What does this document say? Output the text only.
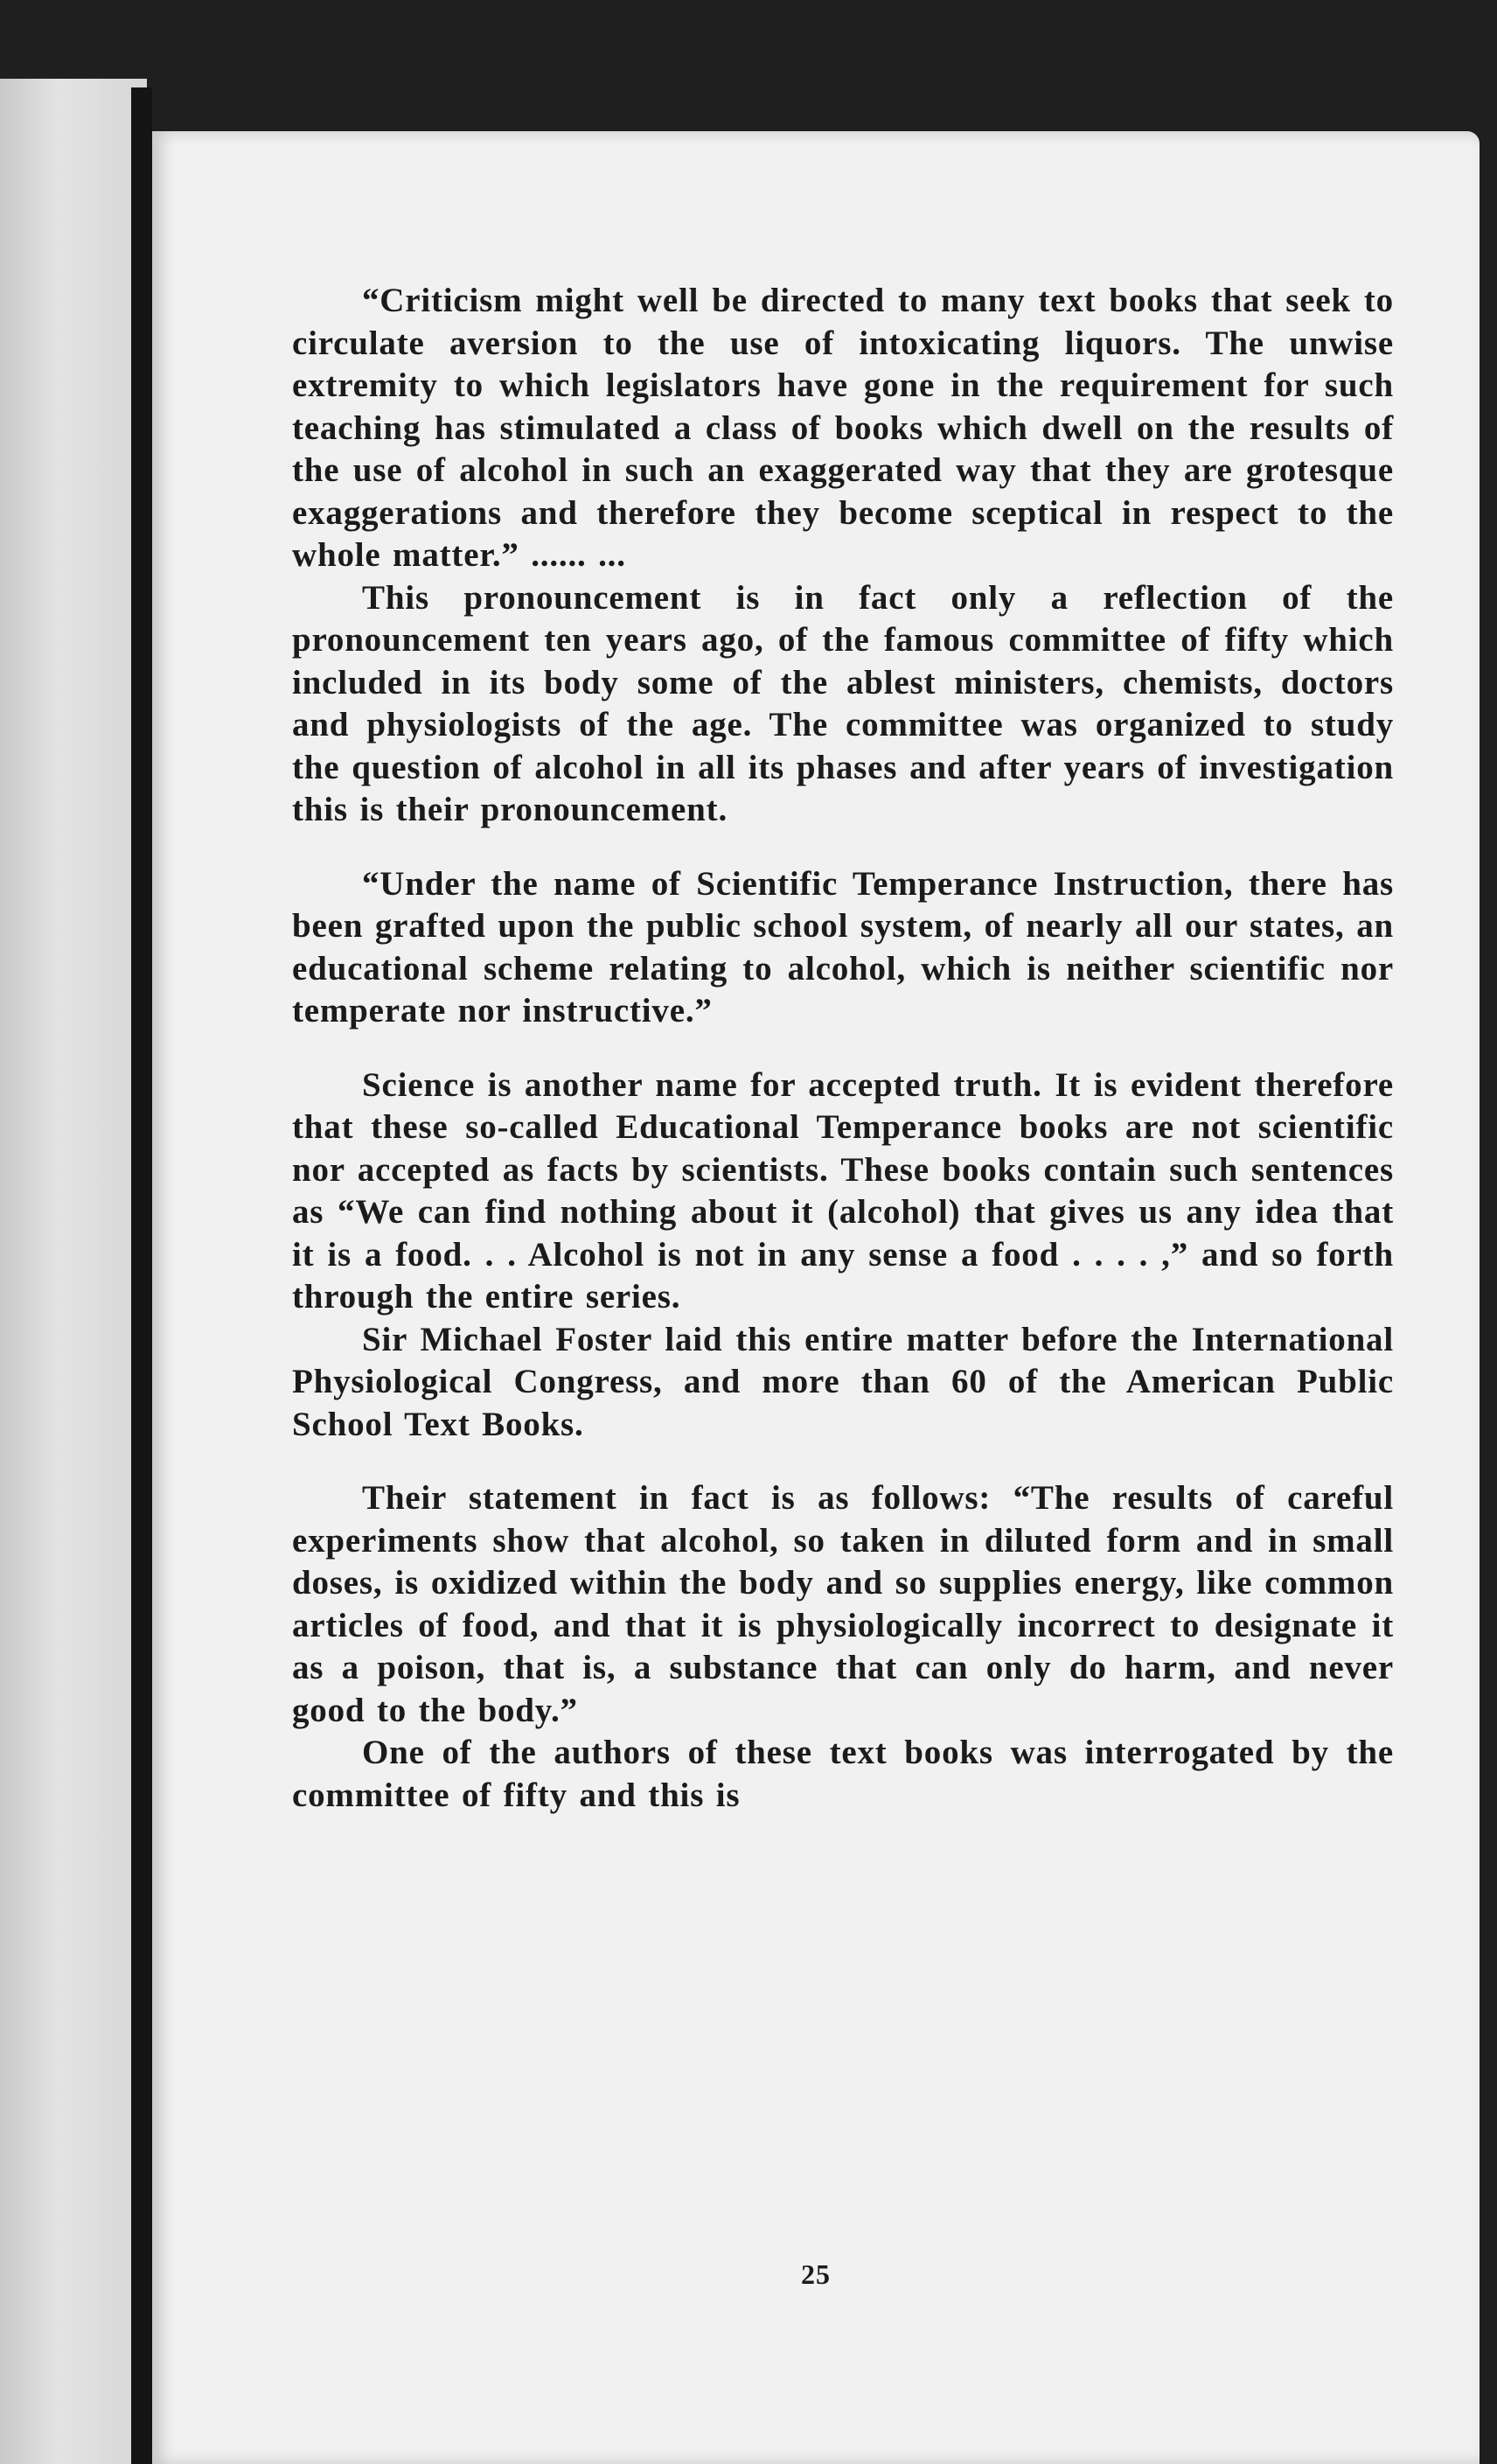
“Criticism might well be directed to many text books that seek to circulate aversion to the use of intoxicating liquors. The unwise extremity to which legislators have gone in the requirement for such teaching has stimulated a class of books which dwell on the results of the use of alcohol in such an exaggerated way that they are grotesque exaggerations and therefore they become sceptical in respect to the whole matter.” ...... ...

This pronouncement is in fact only a reflection of the pronouncement ten years ago, of the famous committee of fifty which included in its body some of the ablest ministers, chemists, doctors and physiologists of the age. The committee was organized to study the question of alcohol in all its phases and after years of investigation this is their pronouncement.

“Under the name of Scientific Temperance Instruction, there has been grafted upon the public school system, of nearly all our states, an educational scheme relating to alcohol, which is neither scientific nor temperate nor instructive.”

Science is another name for accepted truth. It is evident therefore that these so-called Educational Temperance books are not scientific nor accepted as facts by scientists. These books contain such sentences as “We can find nothing about it (alcohol) that gives us any idea that it is a food. . . Alcohol is not in any sense a food . . . . ,” and so forth through the entire series.

Sir Michael Foster laid this entire matter before the International Physiological Congress, and more than 60 of the American Public School Text Books.

Their statement in fact is as follows: “The results of careful experiments show that alcohol, so taken in diluted form and in small doses, is oxidized within the body and so supplies energy, like common articles of food, and that it is physiologically incorrect to designate it as a poison, that is, a substance that can only do harm, and never good to the body.”

One of the authors of these text books was interrogated by the committee of fifty and this is

25
